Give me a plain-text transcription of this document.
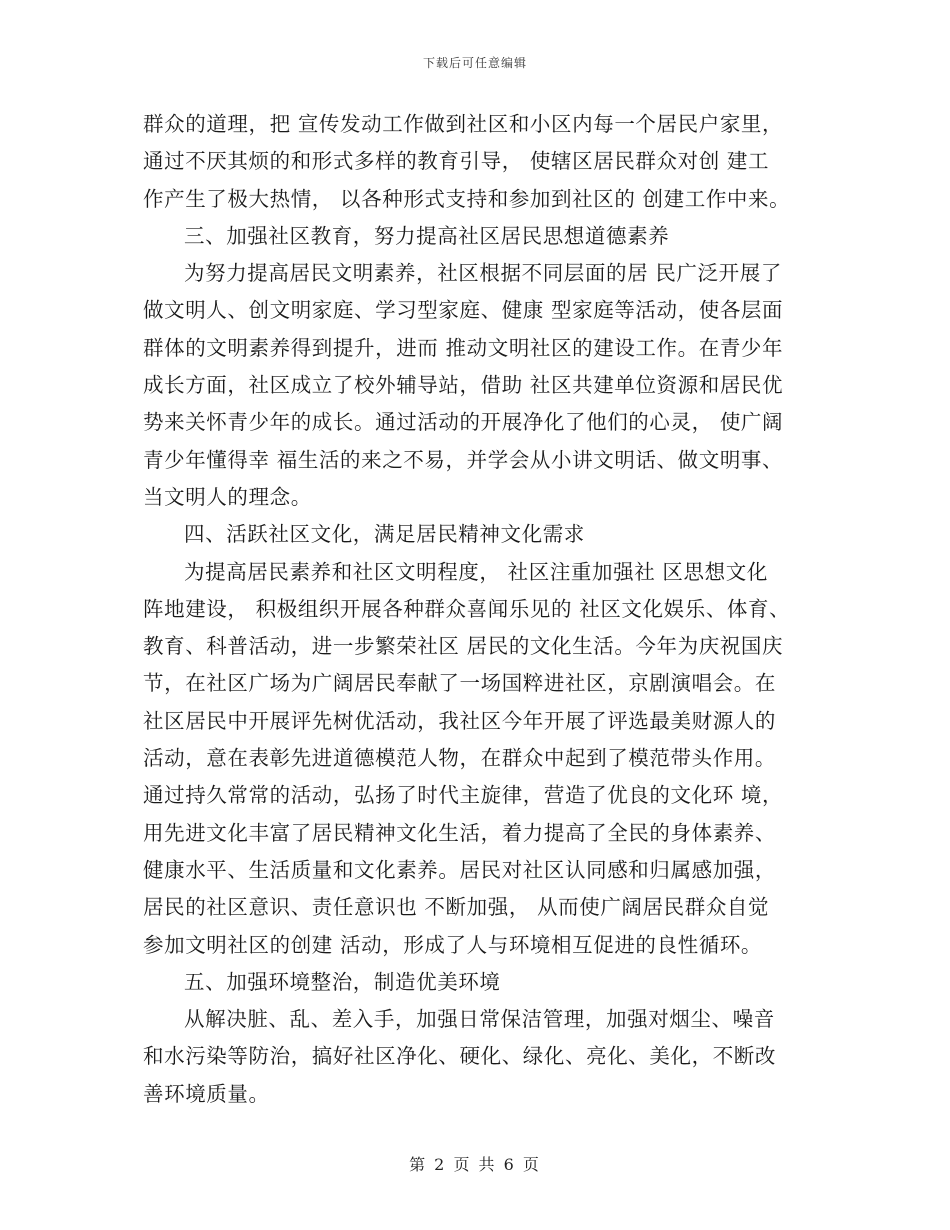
下载后可任意编辑
群众的道理，把 宣传发动工作做到社区和小区内每一个居民户家里，
通过不厌其烦的和形式多样的教育引导， 使辖区居民群众对创 建工
作产生了极大热情， 以各种形式支持和参加到社区的 创建工作中来。
三、加强社区教育，努力提高社区居民思想道德素养
为努力提高居民文明素养，社区根据不同层面的居 民广泛开展了
做文明人、创文明家庭、学习型家庭、健康 型家庭等活动，使各层面
群体的文明素养得到提升，进而 推动文明社区的建设工作。在青少年
成长方面，社区成立了校外辅导站，借助 社区共建单位资源和居民优
势来关怀青少年的成长。通过活动的开展净化了他们的心灵， 使广阔
青少年懂得幸 福生活的来之不易，并学会从小讲文明话、做文明事、
当文明人的理念。
四、活跃社区文化，满足居民精神文化需求
为提高居民素养和社区文明程度， 社区注重加强社 区思想文化
阵地建设， 积极组织开展各种群众喜闻乐见的 社区文化娱乐、体育、
教育、科普活动，进一步繁荣社区 居民的文化生活。今年为庆祝国庆
节，在社区广场为广阔居民奉献了一场国粹进社区，京剧演唱会。在
社区居民中开展评先树优活动，我社区今年开展了评选最美财源人的
活动，意在表彰先进道德模范人物，在群众中起到了模范带头作用。
通过持久常常的活动，弘扬了时代主旋律，营造了优良的文化环 境，
用先进文化丰富了居民精神文化生活，着力提高了全民的身体素养、
健康水平、生活质量和文化素养。居民对社区认同感和归属感加强，
居民的社区意识、责任意识也 不断加强， 从而使广阔居民群众自觉
参加文明社区的创建 活动，形成了人与环境相互促进的良性循环。
五、加强环境整治，制造优美环境
从解决脏、乱、差入手，加强日常保洁管理，加强对烟尘、噪音
和水污染等防治，搞好社区净化、硬化、绿化、亮化、美化，不断改
善环境质量。
第 2 页 共 6 页
